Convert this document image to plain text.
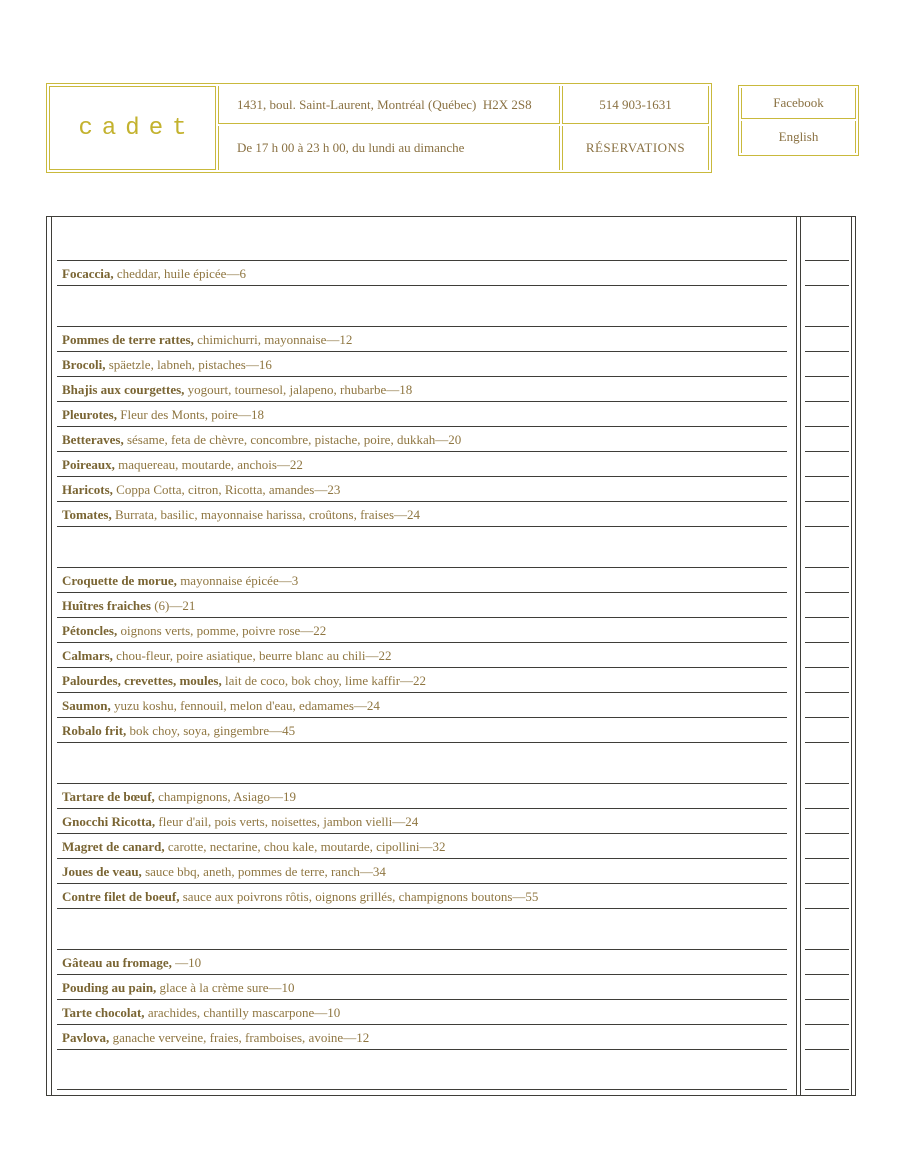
cadet
1431, boul. Saint-Laurent, Montréal (Québec)  H2X 2S8	514 903-1631
De 17 h 00 à 23 h 00, du lundi au dimanche	RÉSERVATIONS
Facebook
English
Focaccia,
cheddar, huile épicée — 6
Pommes de terre rattes,
chimichurri, mayonnaise — 12
Brocoli,
späetzle, labneh, pistaches — 16
Bhajis aux courgettes,
yogourt, tournesol, jalapeno, rhubarbe — 18
Pleurotes,
Fleur des Monts, poire — 18
Betteraves,
sésame, feta de chèvre, concombre, pistache, poire, dukkah — 20
Poireaux,
maquereau, moutarde, anchois — 22
Haricots,
Coppa Cotta, citron, Ricotta, amandes — 23
Tomates,
Burrata, basilic, mayonnaise harissa, croûtons, fraises — 24
Croquette de morue,
mayonnaise épicée — 3
Huîtres fraiches
(6) — 21
Pétoncles,
oignons verts, pomme, poivre rose — 22
Calmars,
chou-fleur, poire asiatique, beurre blanc au chili — 22
Palourdes, crevettes, moules,
lait de coco, bok choy, lime kaffir — 22
Saumon,
yuzu koshu, fennouil, melon d'eau, edamames — 24
Robalo frit,
bok choy, soya, gingembre — 45
Tartare de bœuf,
champignons, Asiago — 19
Gnocchi Ricotta,
fleur d'ail, pois verts, noisettes, jambon vielli — 24
Magret de canard,
carotte, nectarine, chou kale, moutarde, cipollini — 32
Joues de veau,
sauce bbq, aneth, pommes de terre, ranch — 34
Contre filet de boeuf,
sauce aux poivrons rôtis, oignons grillés, champignons boutons — 55
Gâteau au fromage,
— 10
Pouding au pain,
glace à la crème sure — 10
Tarte chocolat,
arachides, chantilly mascarpone — 10
Pavlova,
ganache verveine, fraies, framboises, avoine — 12
